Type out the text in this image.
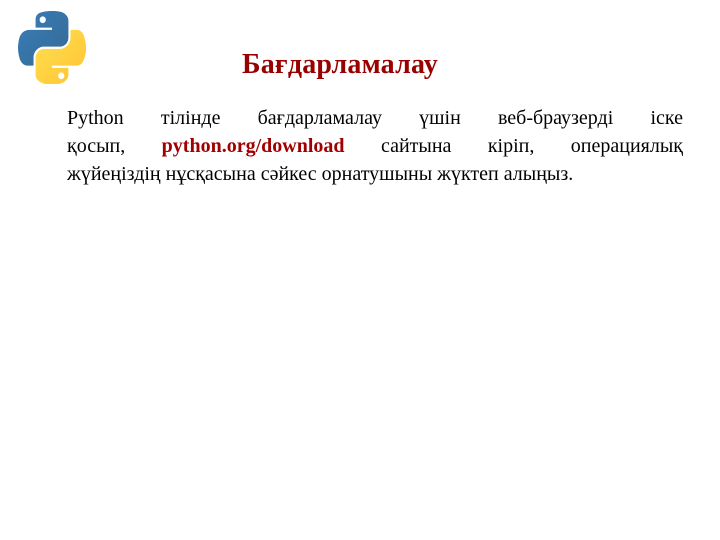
Бағдарламалау
Python тілінде бағдарламалау үшін веб-браузерді іске
қосып, python.org/download сайтына кіріп, операциялық
жүйеңіздің нұсқасына сәйкес орнатушыны жүктеп алыңыз.
